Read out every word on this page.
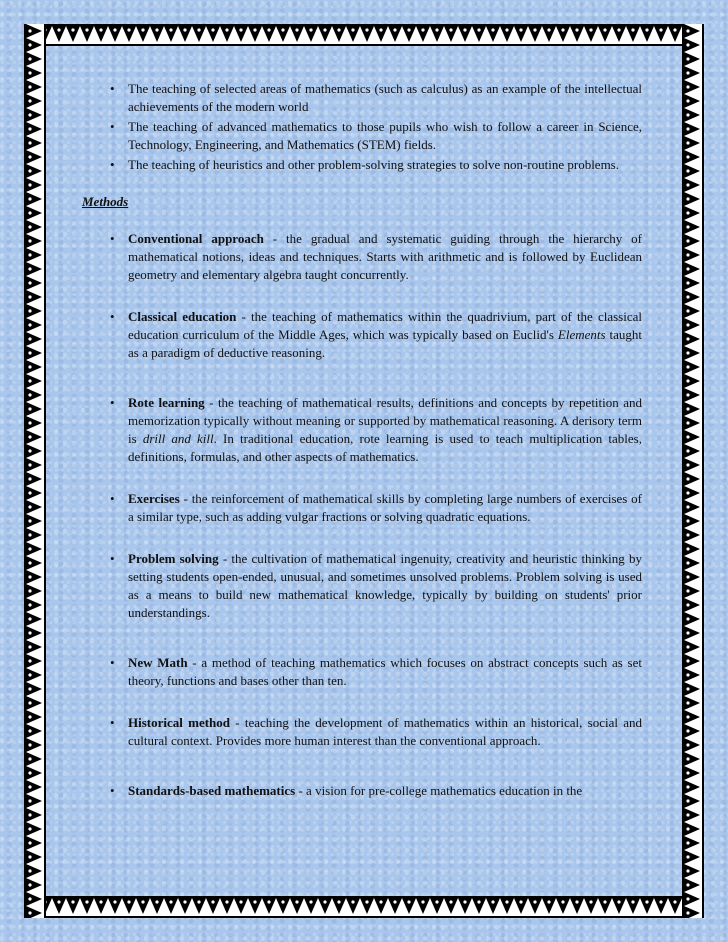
• The teaching of selected areas of mathematics (such as calculus) as an example of the intellectual achievements of the modern world
• The teaching of advanced mathematics to those pupils who wish to follow a career in Science, Technology, Engineering, and Mathematics (STEM) fields.
• The teaching of heuristics and other problem-solving strategies to solve non-routine problems.
Methods
• Conventional approach - the gradual and systematic guiding through the hierarchy of mathematical notions, ideas and techniques. Starts with arithmetic and is followed by Euclidean geometry and elementary algebra taught concurrently.
• Classical education - the teaching of mathematics within the quadrivium, part of the classical education curriculum of the Middle Ages, which was typically based on Euclid's Elements taught as a paradigm of deductive reasoning.
• Rote learning - the teaching of mathematical results, definitions and concepts by repetition and memorization typically without meaning or supported by mathematical reasoning. A derisory term is drill and kill. In traditional education, rote learning is used to teach multiplication tables, definitions, formulas, and other aspects of mathematics.
• Exercises - the reinforcement of mathematical skills by completing large numbers of exercises of a similar type, such as adding vulgar fractions or solving quadratic equations.
• Problem solving - the cultivation of mathematical ingenuity, creativity and heuristic thinking by setting students open-ended, unusual, and sometimes unsolved problems. Problem solving is used as a means to build new mathematical knowledge, typically by building on students' prior understandings.
• New Math - a method of teaching mathematics which focuses on abstract concepts such as set theory, functions and bases other than ten.
• Historical method - teaching the development of mathematics within an historical, social and cultural context. Provides more human interest than the conventional approach.
• Standards-based mathematics - a vision for pre-college mathematics education in the
